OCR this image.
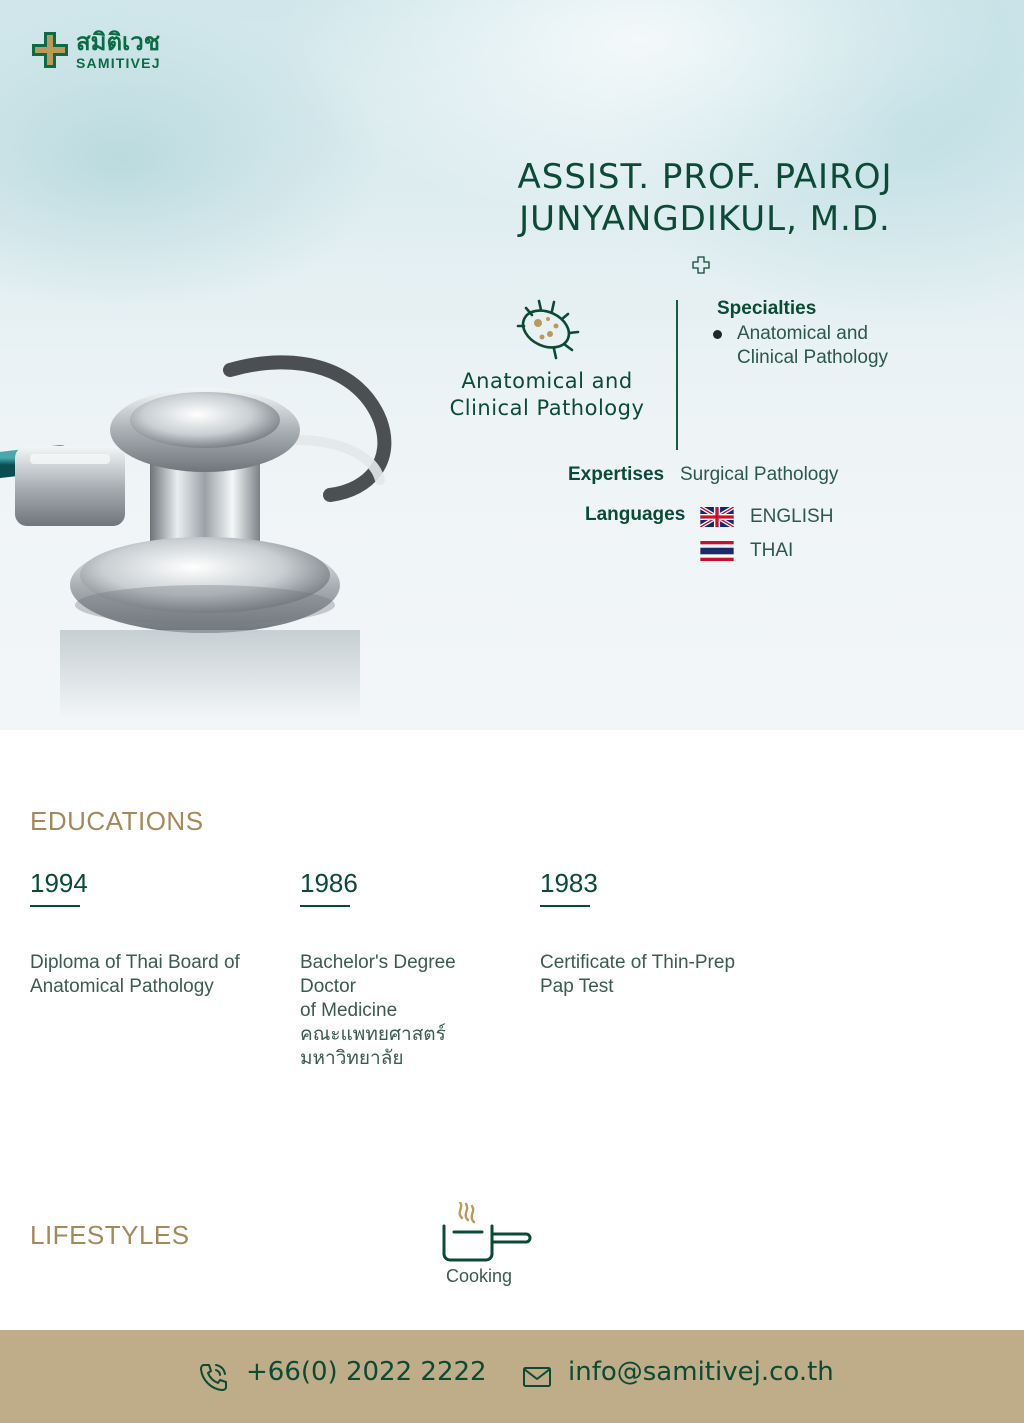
สมิติเวช
SAMITIVEJ
ASSIST. PROF. PAIROJ
JUNYANGDIKUL, M.D.
Anatomical and Clinical Pathology
Specialties
Anatomical and Clinical Pathology
Expertises Surgical Pathology
Languages	ENGLISH
THAI
EDUCATIONS
1994
Diploma of Thai Board of
Anatomical Pathology
1986
Bachelor's Degree
Doctor
of Medicine
คณะแพทยศาสตร์
มหาวิทยาลัย
1983
Certificate of Thin-Prep
Pap Test
LIFESTYLES
Cooking
+66(0) 2022 2222	info@samitivej.co.th
